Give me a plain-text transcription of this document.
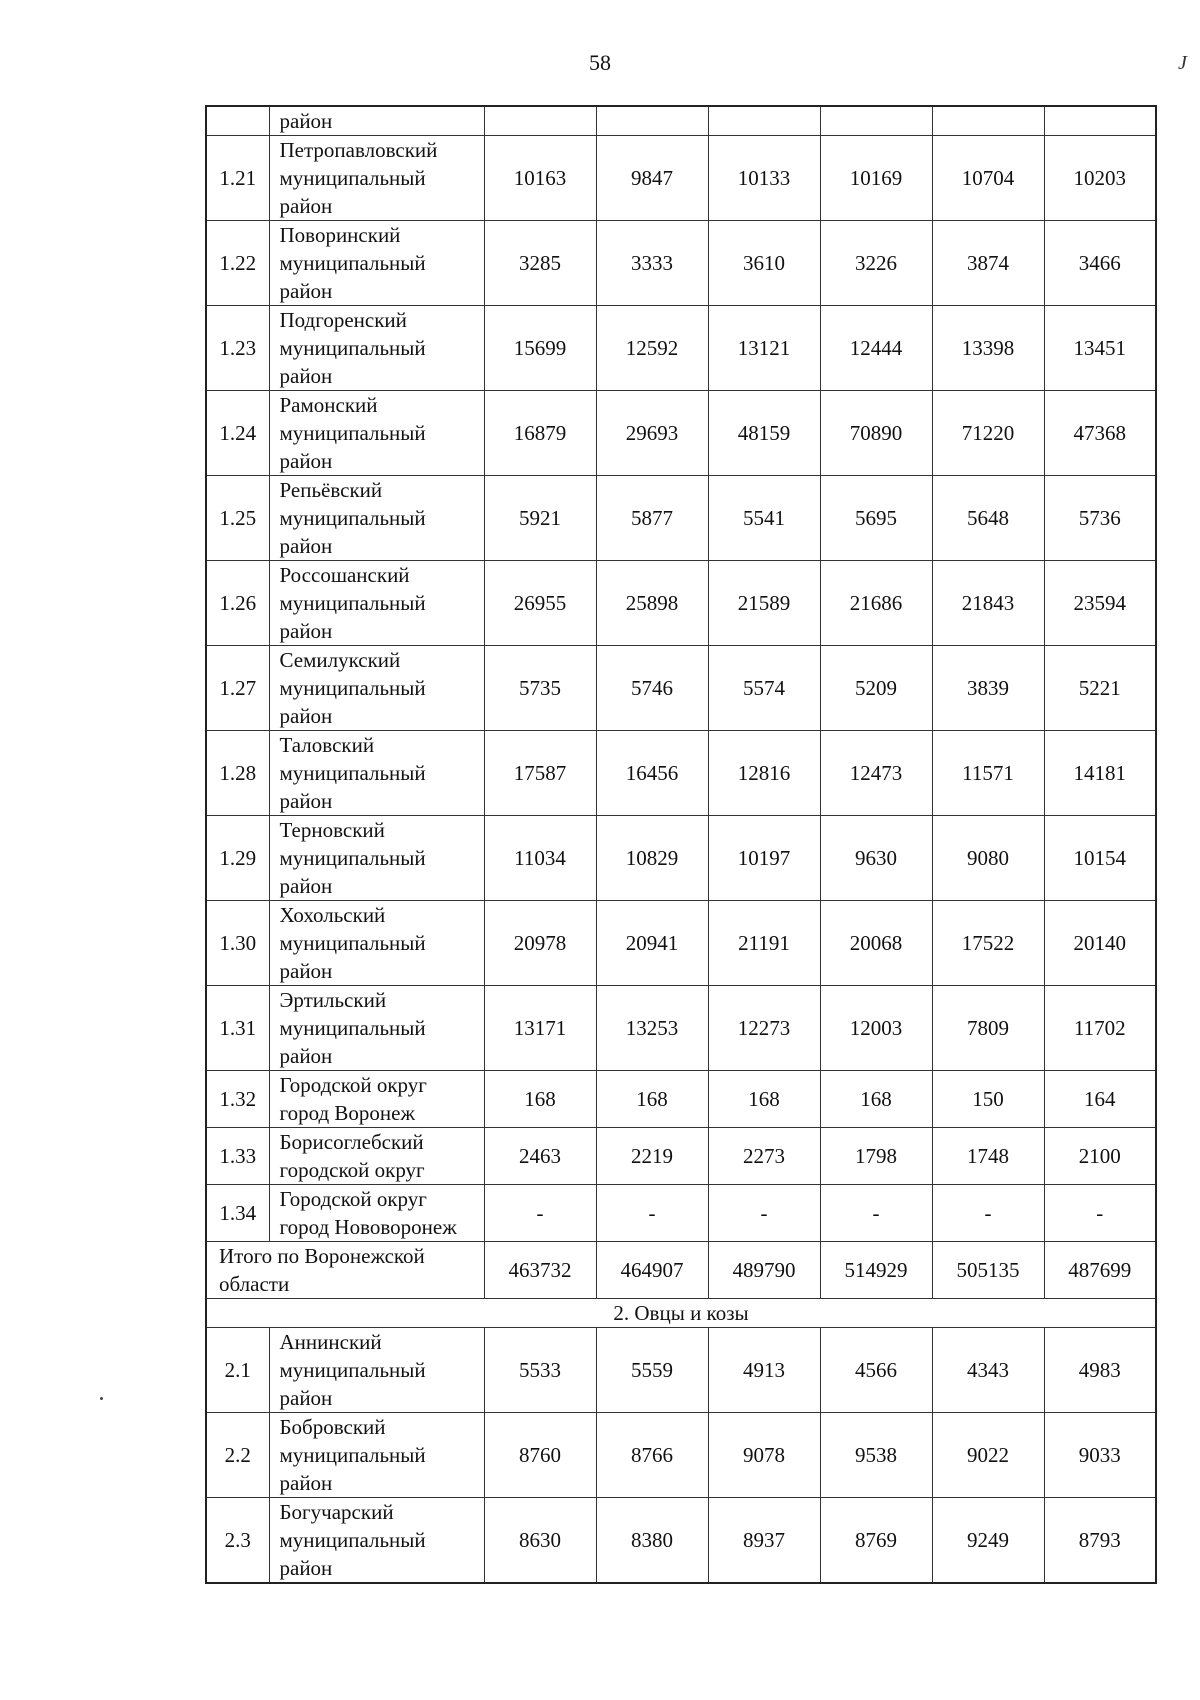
58	J
	район						
1.21	Петропавловский
муниципальный
район	10163	9847	10133	10169	10704	10203
1.22	Поворинский
муниципальный
район	3285	3333	3610	3226	3874	3466
1.23	Подгоренский
муниципальный
район	15699	12592	13121	12444	13398	13451
1.24	Рамонский
муниципальный
район	16879	29693	48159	70890	71220	47368
1.25	Репьёвский
муниципальный
район	5921	5877	5541	5695	5648	5736
1.26	Россошанский
муниципальный
район	26955	25898	21589	21686	21843	23594
1.27	Семилукский
муниципальный
район	5735	5746	5574	5209	3839	5221
1.28	Таловский
муниципальный
район	17587	16456	12816	12473	11571	14181
1.29	Терновский
муниципальный
район	11034	10829	10197	9630	9080	10154
1.30	Хохольский
муниципальный
район	20978	20941	21191	20068	17522	20140
1.31	Эртильский
муниципальный
район	13171	13253	12273	12003	7809	11702
1.32	Городской округ
город Воронеж	168	168	168	168	150	164
1.33	Борисоглебский
городской округ	2463	2219	2273	1798	1748	2100
1.34	Городской округ
город Нововоронеж	-	-	-	-	-	-
Итого по Воронежской
области		463732	464907	489790	514929	505135	487699
2. Овцы и козы							
2.1	Аннинский
муниципальный
район	5533	5559	4913	4566	4343	4983
2.2	Бобровский
муниципальный
район	8760	8766	9078	9538	9022	9033
2.3	Богучарский
муниципальный
район	8630	8380	8937	8769	9249	8793
